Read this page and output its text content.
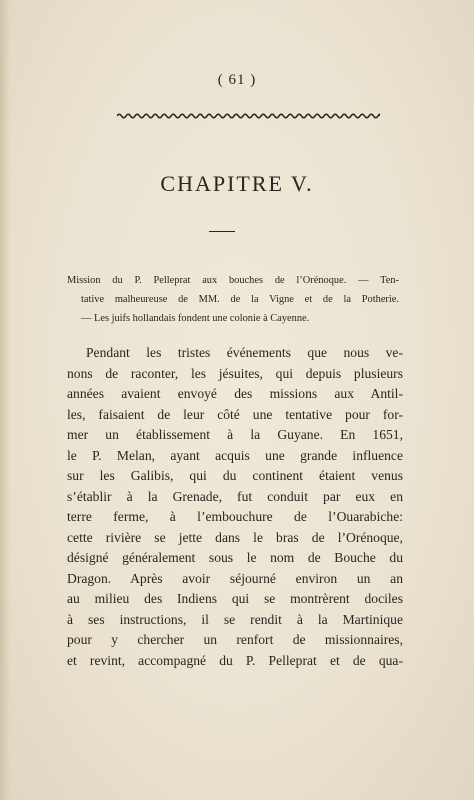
( 61 )
CHAPITRE V.
Mission du P. Pelleprat aux bouches de l’Orénoque. — Ten-
tative malheureuse de MM. de la Vigne et de la Potherie.
— Les juifs hollandais fondent une colonie à Cayenne.
Pendant les tristes événements que nous ve-
nons de raconter, les jésuites, qui depuis plusieurs
années avaient envoyé des missions aux Antil-
les, faisaient de leur côté une tentative pour for-
mer un établissement à la Guyane. En 1651,
le P. Melan, ayant acquis une grande influence
sur les Galibis, qui du continent étaient venus
s’établir à la Grenade, fut conduit par eux en
terre ferme, à l’embouchure de l’Ouarabiche:
cette rivière se jette dans le bras de l’Orénoque,
désigné généralement sous le nom de Bouche du
Dragon. Après avoir séjourné environ un an
au milieu des Indiens qui se montrèrent dociles
à ses instructions, il se rendit à la Martinique
pour y chercher un renfort de missionnaires,
et revint, accompagné du P. Pelleprat et de qua-
